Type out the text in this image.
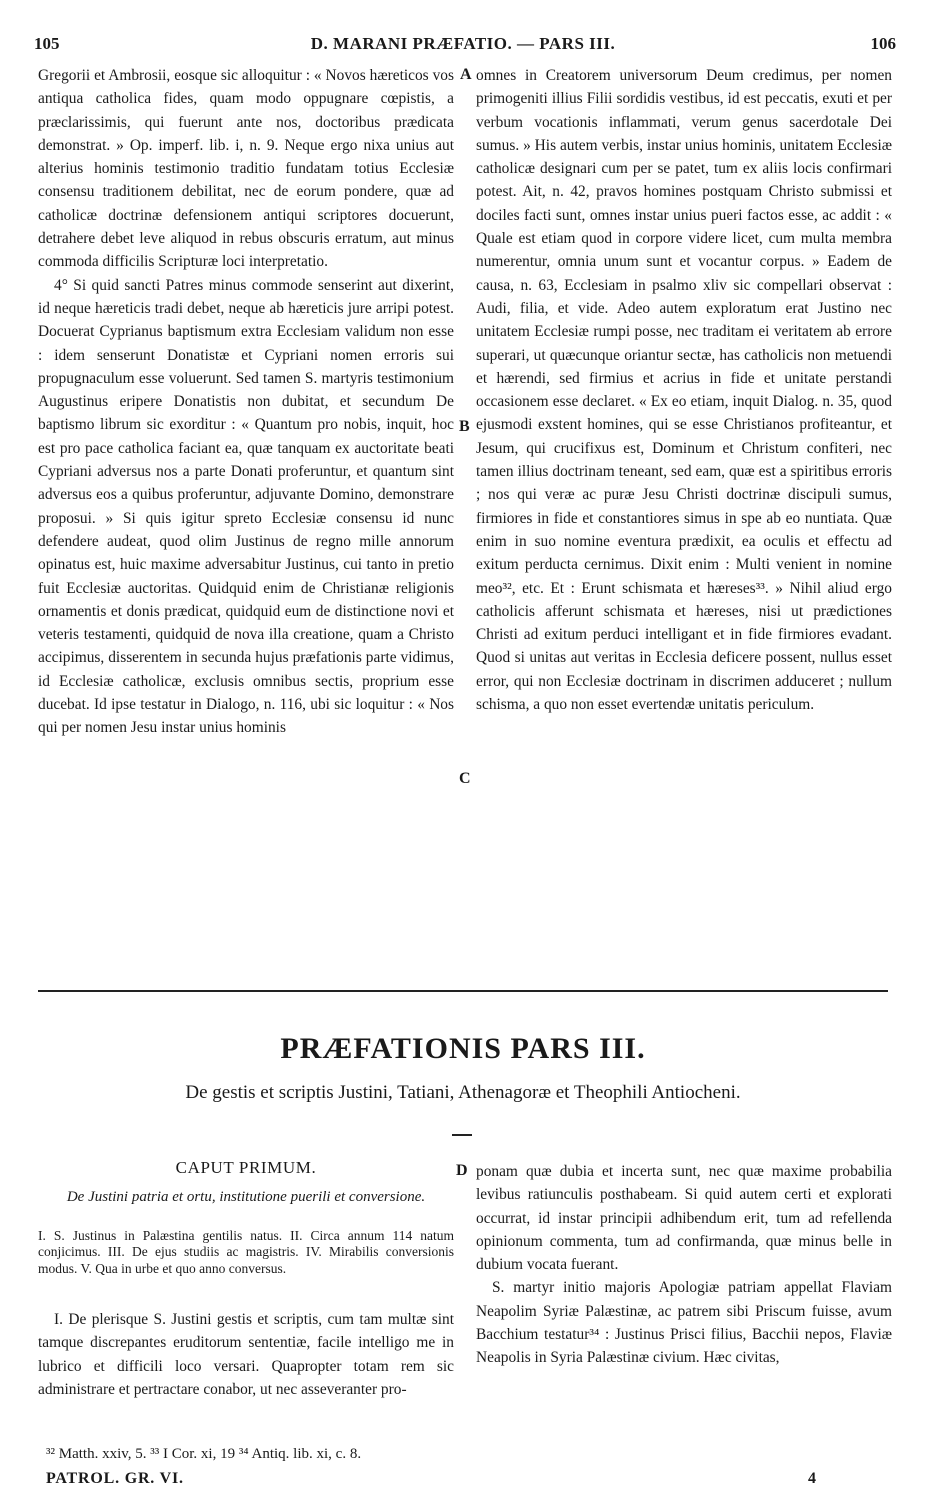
105	D. MARANI PRÆFATIO. — PARS III.	106

Gregorii et Ambrosii, eosque sic alloquitur : « Novos hæreticos vos antiqua catholica fides, quam modo oppugnare cœpistis, a præclarissimis, qui fuerunt ante nos, doctoribus prædicata demonstrat. » Op. imperf. lib. i, n. 9. Neque ergo nixa unius aut alterius hominis testimonio traditio fundatam totius Ecclesiæ consensu traditionem debilitat, nec de eorum pondere, quæ ad catholicæ doctrinæ defensionem antiqui scriptores docuerunt, detrahere debet leve aliquod in rebus obscuris erratum, aut minus commoda difficilis Scripturæ loci interpretatio.

4° Si quid sancti Patres minus commode senserint aut dixerint, id neque hæreticis tradi debet, neque ab hæreticis jure arripi potest. Docuerat Cyprianus baptismum extra Ecclesiam validum non esse : idem senserunt Donatistæ et Cypriani nomen erroris sui propugnaculum esse voluerunt. Sed tamen S. martyris testimonium Augustinus eripere Donatistis non dubitat, et secundum De baptismo librum sic exorditur : « Quantum pro nobis, inquit, hoc est pro pace catholica faciant ea, quæ tanquam ex auctoritate beati Cypriani adversus nos a parte Donati proferuntur, et quantum sint adversus eos a quibus proferuntur, adjuvante Domino, demonstrare proposui. » Si quis igitur spreto Ecclesiæ consensu id nunc defendere audeat, quod olim Justinus de regno mille annorum opinatus est, huic maxime adversabitur Justinus, cui tanto in pretio fuit Ecclesiæ auctoritas. Quidquid enim de Christianæ religionis ornamentis et donis prædicat, quidquid eum de distinctione novi et veteris testamenti, quidquid de nova illa creatione, quam a Christo accipimus, disserentem in secunda hujus præfationis parte vidimus, id Ecclesiæ catholicæ, exclusis omnibus sectis, proprium esse ducebat. Id ipse testatur in Dialogo, n. 116, ubi sic loquitur : « Nos qui per nomen Jesu instar unius hominis

omnes in Creatorem universorum Deum credimus, per nomen primogeniti illius Filii sordidis vestibus, id est peccatis, exuti et per verbum vocationis inflammati, verum genus sacerdotale Dei sumus. » His autem verbis, instar unius hominis, unitatem Ecclesiæ catholicæ designari cum per se patet, tum ex aliis locis confirmari potest. Ait, n. 42, pravos homines postquam Christo submissi et dociles facti sunt, omnes instar unius pueri factos esse, ac addit : « Quale est etiam quod in corpore videre licet, cum multa membra numerentur, omnia unum sunt et vocantur corpus. » Eadem de causa, n. 63, Ecclesiam in psalmo xliv sic compellari observat : Audi, filia, et vide. Adeo autem exploratum erat Justino nec unitatem Ecclesiæ rumpi posse, nec traditam ei veritatem ab errore superari, ut quæcunque oriantur sectæ, has catholicis non metuendi et hærendi, sed firmius et acrius in fide et unitate perstandi occasionem esse declaret. « Ex eo etiam, inquit Dialog. n. 35, quod ejusmodi exstent homines, qui se esse Christianos profiteantur, et Jesum, qui crucifixus est, Dominum et Christum confiteri, nec tamen illius doctrinam teneant, sed eam, quæ est a spiritibus erroris ; nos qui veræ ac puræ Jesu Christi doctrinæ discipuli sumus, firmiores in fide et constantiores simus in spe ab eo nuntiata. Quæ enim in suo nomine eventura prædixit, ea oculis et effectu ad exitum perducta cernimus. Dixit enim : Multi venient in nomine meo³², etc. Et : Erunt schismata et hæreses³³. » Nihil aliud ergo catholicis afferunt schismata et hæreses, nisi ut prædictiones Christi ad exitum perduci intelligant et in fide firmiores evadant. Quod si unitas aut veritas in Ecclesia deficere possent, nullus esset error, qui non Ecclesiæ doctrinam in discrimen adduceret ; nullum schisma, a quo non esset evertendæ unitatis periculum.

A
B
C
D
PRÆFATIONIS PARS III.
De gestis et scriptis Justini, Tatiani, Athenagoræ et Theophili Antiocheni.
CAPUT PRIMUM.
De Justini patria et ortu, institutione puerili et conversione.
I. S. Justinus in Palæstina gentilis natus. II. Circa annum 114 natum conjicimus. III. De ejus studiis ac magistris. IV. Mirabilis conversionis modus. V. Qua in urbe et quo anno conversus.

I. De plerisque S. Justini gestis et scriptis, cum tam multæ sint tamque discrepantes eruditorum sententiæ, facile intelligo me in lubrico et difficili loco versari. Quapropter totam rem sic administrare et pertractare conabor, ut nec asseveranter pro-

ponam quæ dubia et incerta sunt, nec quæ maxime probabilia levibus ratiunculis posthabeam. Si quid autem certi et explorati occurrat, id instar principii adhibendum erit, tum ad refellenda opinionum commenta, tum ad confirmanda, quæ minus belle in dubium vocata fuerant.

S. martyr initio majoris Apologiæ patriam appellat Flaviam Neapolim Syriæ Palæstinæ, ac patrem sibi Priscum fuisse, avum Bacchium testatur³⁴ : Justinus Prisci filius, Bacchii nepos, Flaviæ Neapolis in Syria Palæstinæ civium. Hæc civitas,

³² Matth. xxiv, 5. ³³ I Cor. xi, 19 ³⁴ Antiq. lib. xi, c. 8.
PATROL. GR. VI.	4
